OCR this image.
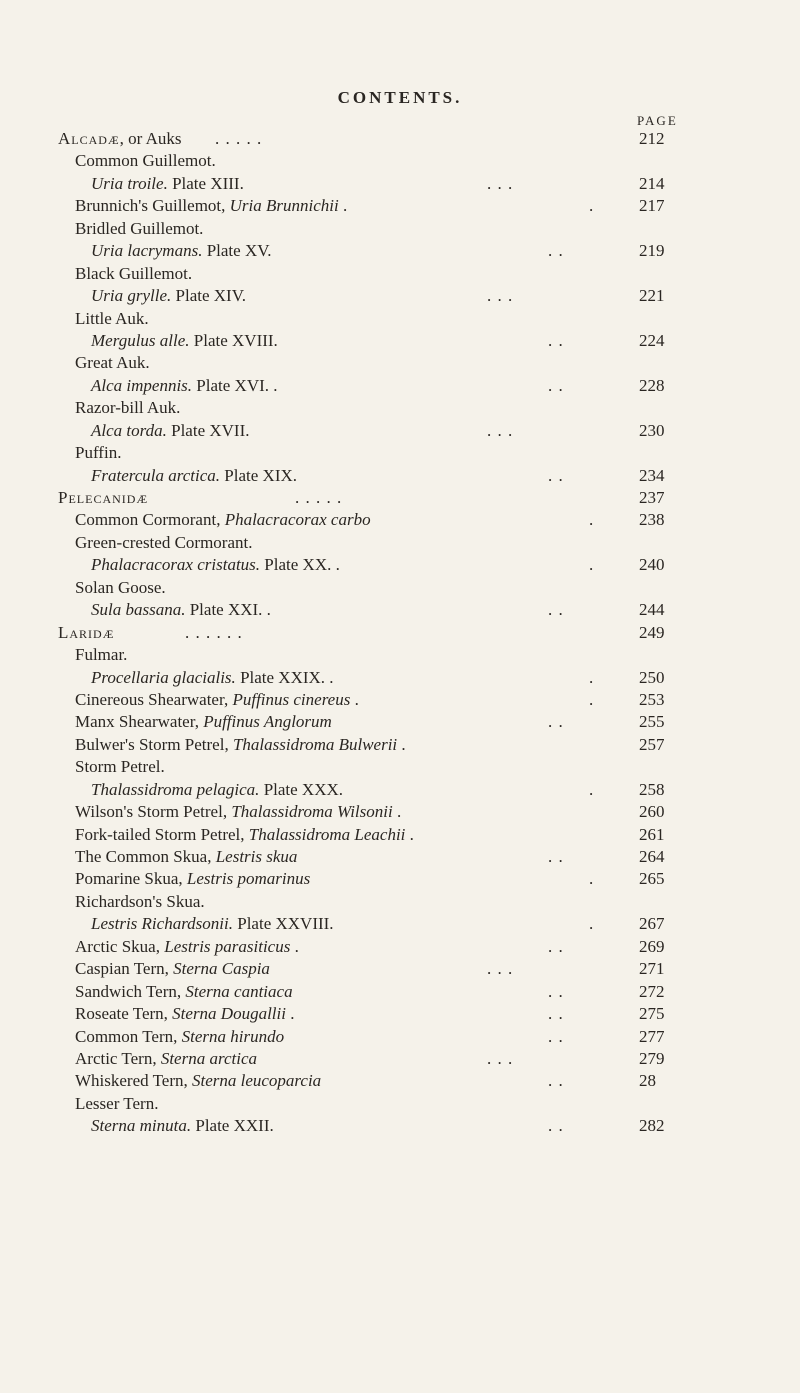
CONTENTS.
PAGE
Alcadæ, or Auks . . . . .	212
Common Guillemot.
Uria troile. Plate XIII.	. . .	214
Brunnich's Guillemot, Uria Brunnichii .	.	217
Bridled Guillemot.
Uria lacrymans. Plate XV.	. .	219
Black Guillemot.
Uria grylle. Plate XIV.	. . .	221
Little Auk.
Mergulus alle. Plate XVIII.	. .	224
Great Auk.
Alca impennis. Plate XVI. .	. .	228
Razor-bill Auk.
Alca torda. Plate XVII.	. . .	230
Puffin.
Fratercula arctica. Plate XIX.	. .	234
Pelecanidæ	. . . . .	237
Common Cormorant, Phalacracorax carbo	.	238
Green-crested Cormorant.
Phalacracorax cristatus. Plate XX. .	.	240
Solan Goose.
Sula bassana. Plate XXI. .	. .	244
Laridæ	. . . . . .	249
Fulmar.
Procellaria glacialis. Plate XXIX. .	.	250
Cinereous Shearwater, Puffinus cinereus .	.	253
Manx Shearwater, Puffinus Anglorum	. .	255
Bulwer's Storm Petrel, Thalassidroma Bulwerii .	257
Storm Petrel.
Thalassidroma pelagica. Plate XXX.	.	258
Wilson's Storm Petrel, Thalassidroma Wilsonii .	260
Fork-tailed Storm Petrel, Thalassidroma Leachii .	261
The Common Skua, Lestris skua	. .	264
Pomarine Skua, Lestris pomarinus	.	265
Richardson's Skua.
Lestris Richardsonii. Plate XXVIII.	.	267
Arctic Skua, Lestris parasiticus .	. .	269
Caspian Tern, Sterna Caspia	. . .	271
Sandwich Tern, Sterna cantiaca	. .	272
Roseate Tern, Sterna Dougallii .	. .	275
Common Tern, Sterna hirundo	. .	277
Arctic Tern, Sterna arctica	. . .	279
Whiskered Tern, Sterna leucoparcia	. .	28
Lesser Tern.
Sterna minuta. Plate XXII.	. .	282
